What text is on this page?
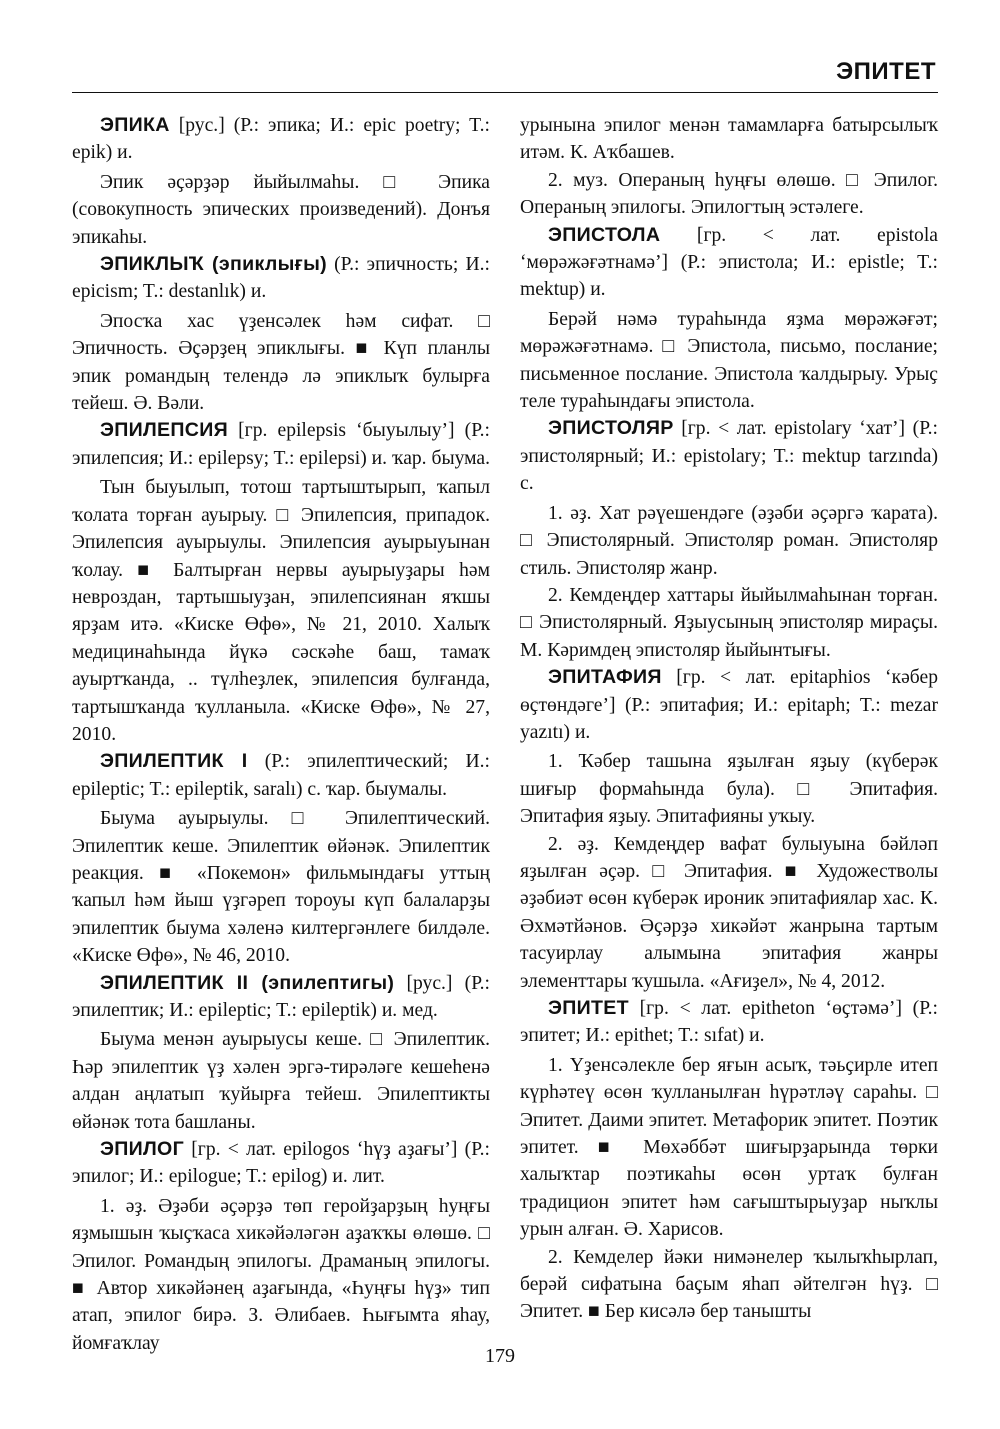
ЭПИТЕТ

ЭПИКА [рус.] (Р.: эпика; И.: epic poetry; T.: epik) и.

Эпик әҫәрҙәр йыйылмаһы. □ Эпика (совокупность эпических произведений). Донъя эпикаһы.

ЭПИКЛЫҠ (эпиклығы) (Р.: эпичность; И.: epicism; T.: destanlık) и.

Эпосҡа хас үҙенсәлек һәм сифат. □ Эпичность. Әҫәрҙең эпиклығы. ■ Күп планлы эпик романдың телендә лә эпиклыҡ булырға тейеш. Ә. Вәли.

ЭПИЛЕПСИЯ [гр. epilepsis ‘быуылыу’] (Р.: эпилепсия; И.: epilepsy; T.: epilepsi) и. ҡар. быума.

Тын быуылып, тотош тартыштырып, ҡапыл ҡолата торған ауырыу. □ Эпилепсия, припадок. Эпилепсия ауырыулы. Эпилепсия ауырыуынан ҡолау. ■ Балтырған нервы ауырыуҙары һәм невроздан, тартышыуҙан, эпилепсиянан яҡшы ярҙам итә. «Киске Өфө», № 21, 2010. Халыҡ медицинаһында йүкә сәскәһе баш, тамаҡ ауыртҡанда, .. түлһеҙлек, эпилепсия булғанда, тартышҡанда ҡулланыла. «Киске Өфө», № 27, 2010.

ЭПИЛЕПТИК I (Р.: эпилептический; И.: epileptic; T.: epileptik, saralı) с. ҡар. быумалы.

Быума ауырыулы. □ Эпилептический. Эпилептик кеше. Эпилептик өйәнәк. Эпилептик реакция. ■ «Покемон» фильмындағы уттың ҡапыл һәм йыш үҙгәреп тороуы күп балаларҙы эпилептик быума хәленә килтергәнлеге билдәле. «Киске Өфө», № 46, 2010.

ЭПИЛЕПТИК II (эпилептигы) [рус.] (Р.: эпилептик; И.: epileptic; T.: epileptik) и. мед.

Быума менән ауырыусы кеше. □ Эпилептик. Һәр эпилептик үҙ хәлен эргә-тирәләге кешеһенә алдан аңлатып ҡуйырға тейеш. Эпилептикты өйәнәк тота башланы.

ЭПИЛОГ [гр. < лат. epilogos ‘һүҙ аҙағы’] (Р.: эпилог; И.: epilogue; T.: epilog) и. лит.

1. әҙ. Әҙәби әҫәрҙә төп геройҙарҙың һуңғы яҙмышын ҡыҫҡаса хикәйәләгән аҙаҡҡы өлөшө. □ Эпилог. Романдың эпилогы. Драманың эпилогы. ■ Автор хикәйәнең аҙағында, «Һуңғы һүҙ» тип атап, эпилог бирә. З. Әлибаев. Һығымта яһау, йомғаҡлау

урынына эпилог менән тамамларға батырсылыҡ итәм. К. Аҡбашев.

2. муз. Операның һуңғы өлөшө. □ Эпилог. Операның эпилогы. Эпилогтың эстәлеге.

ЭПИСТОЛА [гр. < лат. epistola ‘мөрәжәғәтнамә’] (Р.: эпистола; И.: epistle; T.: mektup) и.

Берәй нәмә тураһында яҙма мөрәжәғәт; мөрәжәғәтнамә. □ Эпистола, письмо, послание; письменное послание. Эпистола ҡалдырыу. Урыҫ теле тураһындағы эпистола.

ЭПИСТОЛЯР [гр. < лат. epistolary ‘хат’] (Р.: эпистолярный; И.: epistolary; T.: mektup tarzında) с.

1. әҙ. Хат рәүешендәге (әҙәби әҫәргә ҡарата). □ Эпистолярный. Эпистоляр роман. Эпистоляр стиль. Эпистоляр жанр.

2. Кемдеңдер хаттары йыйылмаһынан торған. □ Эпистолярный. Яҙыусының эпистоляр мираҫы. М. Кәримдең эпистоляр йыйынтығы.

ЭПИТАФИЯ [гр. < лат. epitaphios ‘кәбер өҫтөндәге’] (Р.: эпитафия; И.: epitaph; T.: mezar yazıtı) и.

1. Ҡәбер ташына яҙылған яҙыу (күберәк шиғыр формаһында була). □ Эпитафия. Эпитафия яҙыу. Эпитафияны уҡыу.

2. әҙ. Кемдеңдер вафат булыуына бәйләп яҙылған әҫәр. □ Эпитафия. ■ Художестволы әҙәбиәт өсөн күберәк ироник эпитафиялар хас. К. Әхмәтйәнов. Әҫәрҙә хикәйәт жанрына тартым тасуирлау алымына эпитафия жанры элементтары ҡушыла. «Ағиҙел», № 4, 2012.

ЭПИТЕТ [гр. < лат. epitheton ‘өҫтәмә’] (Р.: эпитет; И.: epithet; T.: sıfat) и.

1. Үҙенсәлекле бер яғын асыҡ, тәьҫирле итеп күрһәтеү өсөн ҡулланылған һүрәтләү сараһы. □ Эпитет. Даими эпитет. Метафорик эпитет. Поэтик эпитет. ■ Мөхәббәт шиғырҙарында төрки халыҡтар поэтикаһы өсөн уртаҡ булған традицион эпитет һәм сағыштырыуҙар ныҡлы урын алған. Ә. Харисов.

2. Кемделер йәки нимәнелер ҡылыҡһырлап, берәй сифатына баҫым яһап әйтелгән һүҙ. □ Эпитет. ■ Бер кисәлә бер танышты

179
